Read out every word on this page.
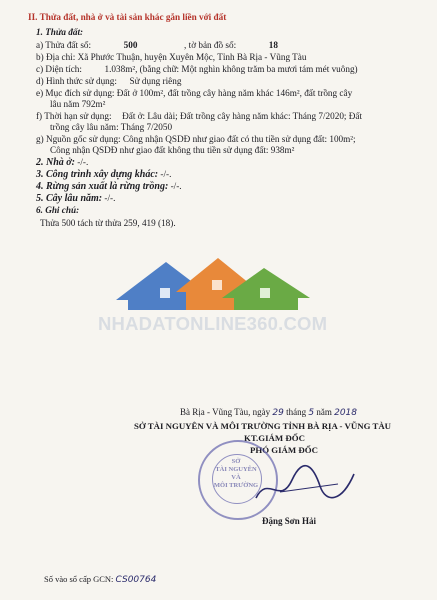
II. Thửa đất, nhà ở và tài sản khác gắn liền với đất
1. Thửa đất:
a) Thửa đất số:	500	, tờ bản đồ số:	18
b) Địa chỉ: Xã Phước Thuận, huyện Xuyên Mộc, Tỉnh Bà Rịa - Vũng Tàu
c) Diện tích: 1.038m², (bằng chữ: Một nghìn không trăm ba mươi tám mét vuông)
d) Hình thức sử dụng: Sử dụng riêng
e) Mục đích sử dụng: Đất ở 100m², đất trồng cây hàng năm khác 146m², đất trồng cây
lâu năm 792m²
f) Thời hạn sử dụng: Đất ở: Lâu dài; Đất trồng cây hàng năm khác: Tháng 7/2020; Đất
trồng cây lâu năm: Tháng 7/2050
g) Nguồn gốc sử dụng: Công nhận QSDĐ như giao đất có thu tiền sử dụng đất: 100m²;
Công nhận QSDĐ như giao đất không thu tiền sử dụng đất: 938m²
2. Nhà ở: -/-.
3. Công trình xây dựng khác: -/-.
4. Rừng sản xuất là rừng trồng: -/-.
5. Cây lâu năm: -/-.
6. Ghi chú:
Thửa 500 tách từ thửa 259, 419 (18).
NHADATONLINE360.COM
Bà Rịa - Vũng Tàu, ngày 29 tháng 5 năm 2018
SỞ TÀI NGUYÊN VÀ MÔI TRƯỜNG TỈNH BÀ RỊA - VŨNG TÀU
KT.GIÁM ĐỐC
PHÓ GIÁM ĐỐC
SỞ
TÀI NGUYÊN
VÀ
MÔI TRƯỜNG
Đặng Sơn Hải
Số vào sổ cấp GCN: CS00764
